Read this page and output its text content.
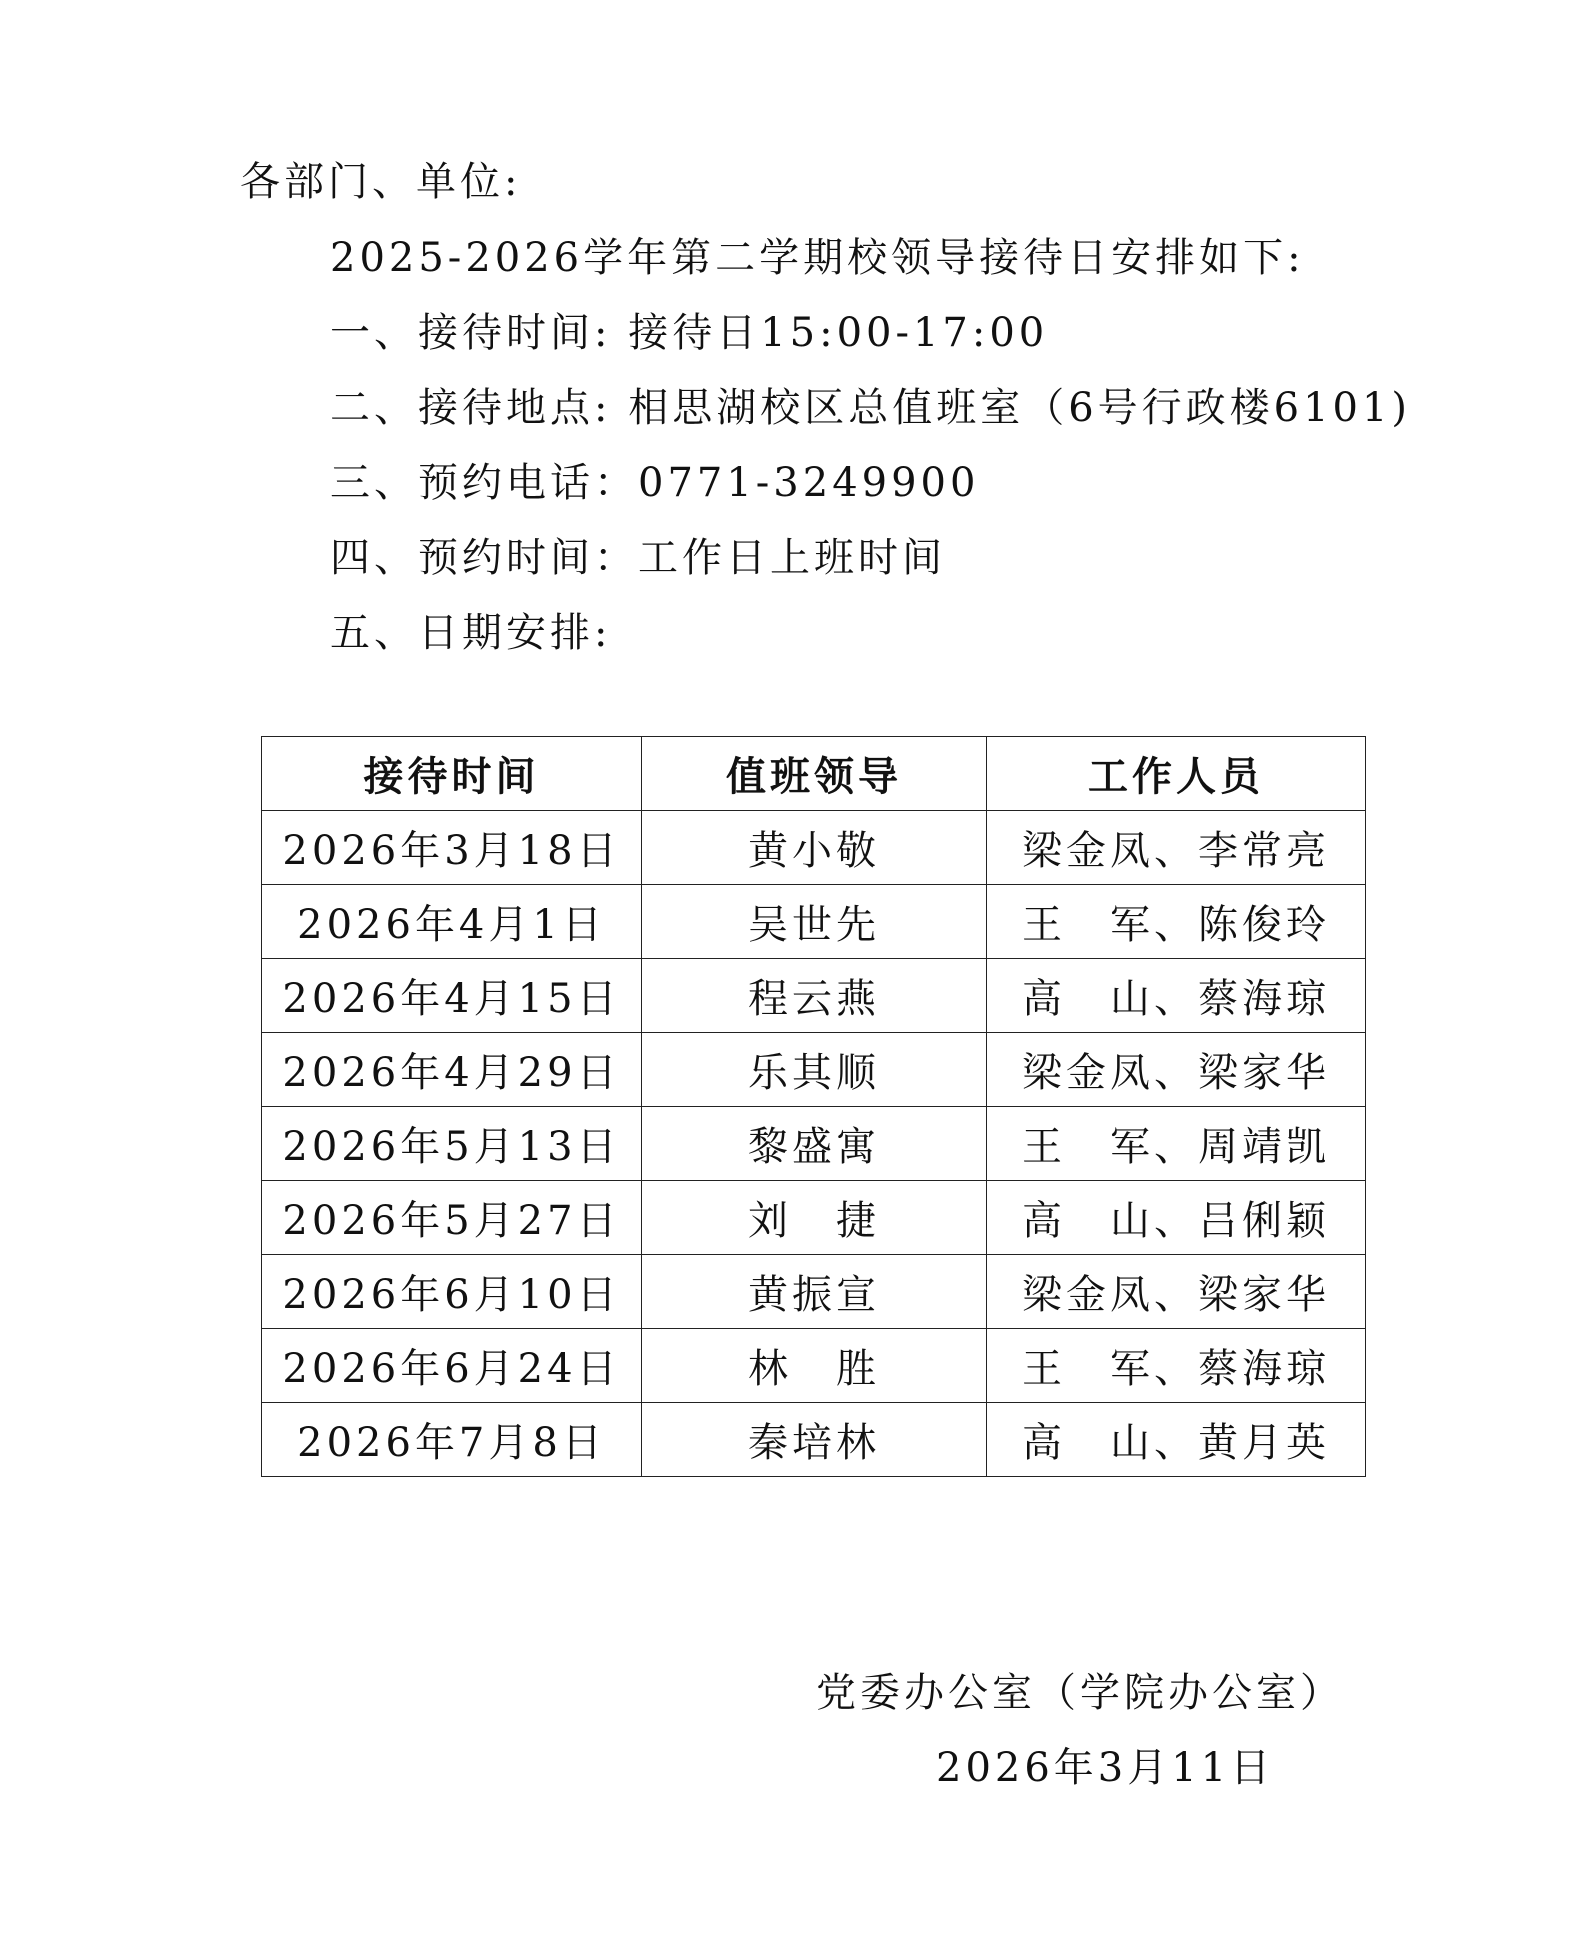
各部门、单位:
2025-2026学年第二学期校领导接待日安排如下:
一、接待时间: 接待日15:00-17:00
二、接待地点: 相思湖校区总值班室（6号行政楼6101)
三、预约电话：0771-3249900
四、预约时间：工作日上班时间
五、日期安排:
接待时间	值班领导	工作人员
2026年3月18日	黄小敬	梁金凤、李常亮
2026年4月1日	吴世先	王　军、陈俊玲
2026年4月15日	程云燕	高　山、蔡海琼
2026年4月29日	乐其顺	梁金凤、梁家华
2026年5月13日	黎盛寓	王　军、周靖凯
2026年5月27日	刘　捷	高　山、吕俐颖
2026年6月10日	黄振宣	梁金凤、梁家华
2026年6月24日	林　胜	王　军、蔡海琼
2026年7月8日	秦培林	高　山、黄月英
党委办公室（学院办公室）
2026年3月11日
